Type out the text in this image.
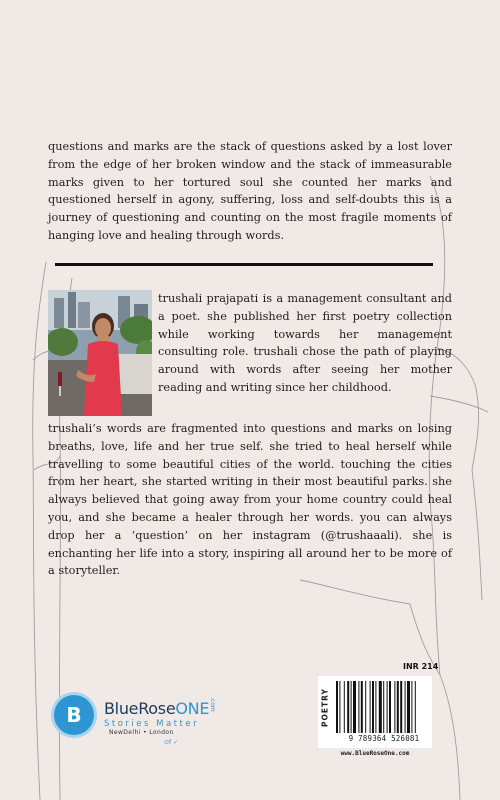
questions and marks are the stack of questions asked by a lost lover from the edge of her broken window and the stack of immeasurable marks given to her tortured soul she counted her marks and questioned herself in agony, suffering, loss and self-doubts this is a journey of questioning and counting on the most fragile moments of hanging love and healing through words.

trushali prajapati is a management consultant and a poet. she published her first poetry collection while working towards her management consulting role. trushali chose the path of playing around with words after seeing her mother reading and writing since her childhood.

trushali’s words are fragmented into questions and marks on losing breaths, love, life and her true self. she tried to heal herself while travelling to some beautiful cities of the world. touching the cities from her heart, she started writing in their most beautiful parks. she always believed that going away from your home country could heal you, and she became a healer through her words. you can always drop her a ‘question’ on her instagram (@trushaaali). she is enchanting her life into a story, inspiring all around her to be more of a storyteller.

B	BlueRoseONE .com
Stories Matter
NewDelhi • London
⊙f ✓
INR 214
POETRY
9 789364 526081
www.BlueRoseOne.com
